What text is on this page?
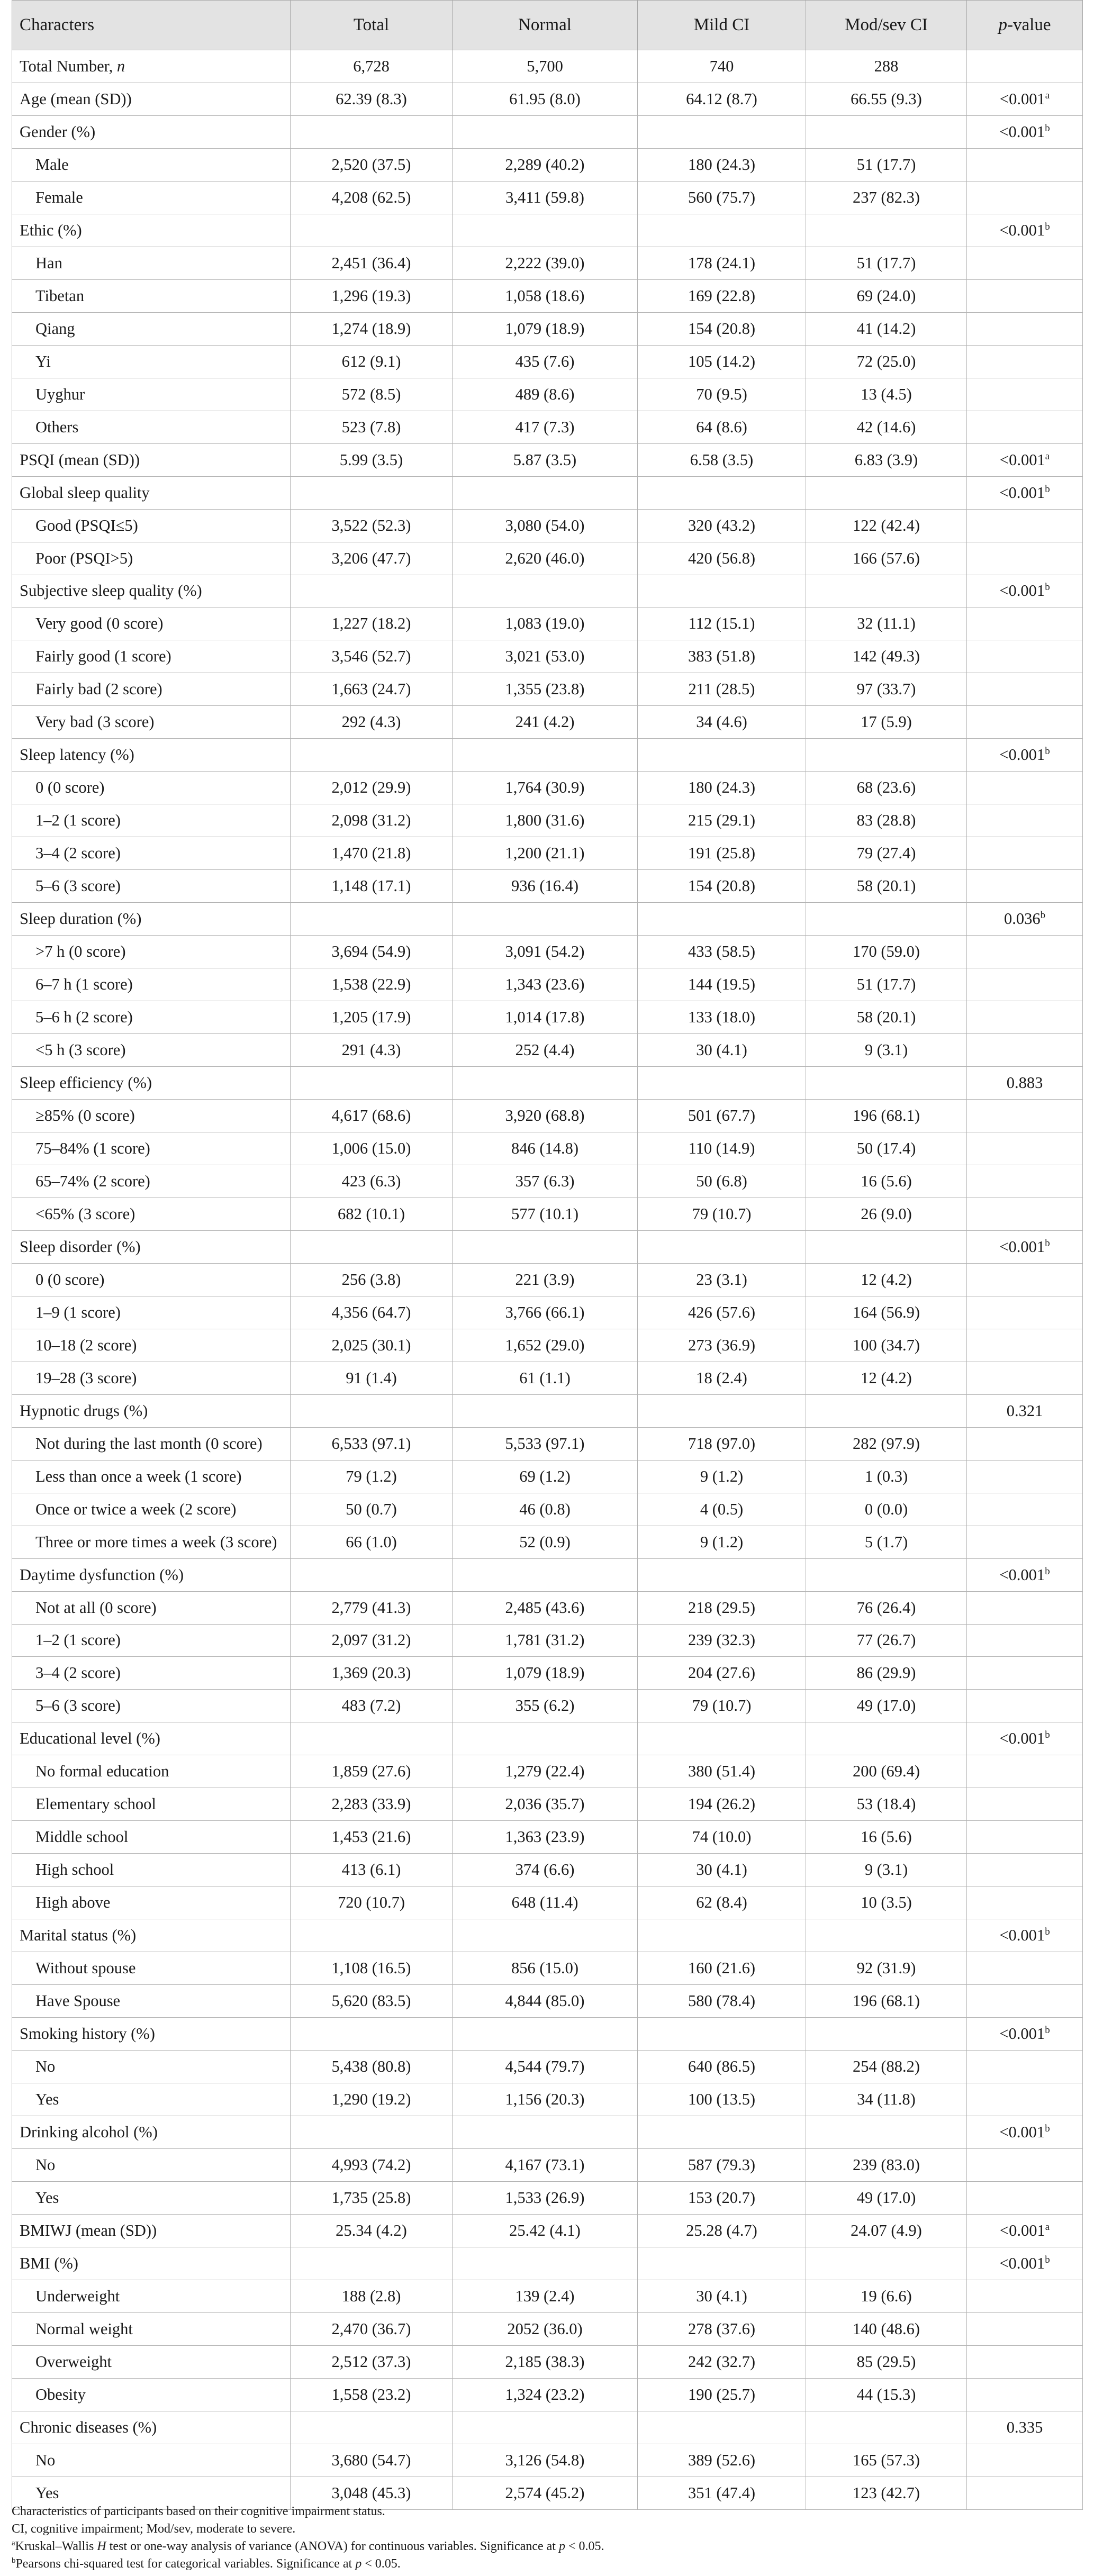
Characters	Total	Normal	Mild CI	Mod/sev CI	p-value
Total Number, n	6,728	5,700	740	288	
Age (mean (SD))	62.39 (8.3)	61.95 (8.0)	64.12 (8.7)	66.55 (9.3)	<0.001$^a$
Gender (%)					<0.001$^b$
Male	2,520 (37.5)	2,289 (40.2)	180 (24.3)	51 (17.7)	
Female	4,208 (62.5)	3,411 (59.8)	560 (75.7)	237 (82.3)	
Ethic (%)					<0.001$^b$
Han	2,451 (36.4)	2,222 (39.0)	178 (24.1)	51 (17.7)	
Tibetan	1,296 (19.3)	1,058 (18.6)	169 (22.8)	69 (24.0)	
Qiang	1,274 (18.9)	1,079 (18.9)	154 (20.8)	41 (14.2)	
Yi	612 (9.1)	435 (7.6)	105 (14.2)	72 (25.0)	
Uyghur	572 (8.5)	489 (8.6)	70 (9.5)	13 (4.5)	
Others	523 (7.8)	417 (7.3)	64 (8.6)	42 (14.6)	
PSQI (mean (SD))	5.99 (3.5)	5.87 (3.5)	6.58 (3.5)	6.83 (3.9)	<0.001$^a$
Global sleep quality					<0.001$^b$
Good (PSQI≤5)	3,522 (52.3)	3,080 (54.0)	320 (43.2)	122 (42.4)	
Poor (PSQI>5)	3,206 (47.7)	2,620 (46.0)	420 (56.8)	166 (57.6)	
Subjective sleep quality (%)					<0.001$^b$
Very good (0 score)	1,227 (18.2)	1,083 (19.0)	112 (15.1)	32 (11.1)	
Fairly good (1 score)	3,546 (52.7)	3,021 (53.0)	383 (51.8)	142 (49.3)	
Fairly bad (2 score)	1,663 (24.7)	1,355 (23.8)	211 (28.5)	97 (33.7)	
Very bad (3 score)	292 (4.3)	241 (4.2)	34 (4.6)	17 (5.9)	
Sleep latency (%)					<0.001$^b$
0 (0 score)	2,012 (29.9)	1,764 (30.9)	180 (24.3)	68 (23.6)	
1–2 (1 score)	2,098 (31.2)	1,800 (31.6)	215 (29.1)	83 (28.8)	
3–4 (2 score)	1,470 (21.8)	1,200 (21.1)	191 (25.8)	79 (27.4)	
5–6 (3 score)	1,148 (17.1)	936 (16.4)	154 (20.8)	58 (20.1)	
Sleep duration (%)					0.036$^b$
>7 h (0 score)	3,694 (54.9)	3,091 (54.2)	433 (58.5)	170 (59.0)	
6–7 h (1 score)	1,538 (22.9)	1,343 (23.6)	144 (19.5)	51 (17.7)	
5–6 h (2 score)	1,205 (17.9)	1,014 (17.8)	133 (18.0)	58 (20.1)	
<5 h (3 score)	291 (4.3)	252 (4.4)	30 (4.1)	9 (3.1)	
Sleep efficiency (%)					0.883
≥85% (0 score)	4,617 (68.6)	3,920 (68.8)	501 (67.7)	196 (68.1)	
75–84% (1 score)	1,006 (15.0)	846 (14.8)	110 (14.9)	50 (17.4)	
65–74% (2 score)	423 (6.3)	357 (6.3)	50 (6.8)	16 (5.6)	
<65% (3 score)	682 (10.1)	577 (10.1)	79 (10.7)	26 (9.0)	
Sleep disorder (%)					<0.001$^b$
0 (0 score)	256 (3.8)	221 (3.9)	23 (3.1)	12 (4.2)	
1–9 (1 score)	4,356 (64.7)	3,766 (66.1)	426 (57.6)	164 (56.9)	
10–18 (2 score)	2,025 (30.1)	1,652 (29.0)	273 (36.9)	100 (34.7)	
19–28 (3 score)	91 (1.4)	61 (1.1)	18 (2.4)	12 (4.2)	
Hypnotic drugs (%)					0.321
Not during the last month (0 score)	6,533 (97.1)	5,533 (97.1)	718 (97.0)	282 (97.9)	
Less than once a week (1 score)	79 (1.2)	69 (1.2)	9 (1.2)	1 (0.3)	
Once or twice a week (2 score)	50 (0.7)	46 (0.8)	4 (0.5)	0 (0.0)	
Three or more times a week (3 score)	66 (1.0)	52 (0.9)	9 (1.2)	5 (1.7)	
Daytime dysfunction (%)					<0.001$^b$
Not at all (0 score)	2,779 (41.3)	2,485 (43.6)	218 (29.5)	76 (26.4)	
1–2 (1 score)	2,097 (31.2)	1,781 (31.2)	239 (32.3)	77 (26.7)	
3–4 (2 score)	1,369 (20.3)	1,079 (18.9)	204 (27.6)	86 (29.9)	
5–6 (3 score)	483 (7.2)	355 (6.2)	79 (10.7)	49 (17.0)	
Educational level (%)					<0.001$^b$
No formal education	1,859 (27.6)	1,279 (22.4)	380 (51.4)	200 (69.4)	
Elementary school	2,283 (33.9)	2,036 (35.7)	194 (26.2)	53 (18.4)	
Middle school	1,453 (21.6)	1,363 (23.9)	74 (10.0)	16 (5.6)	
High school	413 (6.1)	374 (6.6)	30 (4.1)	9 (3.1)	
High above	720 (10.7)	648 (11.4)	62 (8.4)	10 (3.5)	
Marital status (%)					<0.001$^b$
Without spouse	1,108 (16.5)	856 (15.0)	160 (21.6)	92 (31.9)	
Have Spouse	5,620 (83.5)	4,844 (85.0)	580 (78.4)	196 (68.1)	
Smoking history (%)					<0.001$^b$
No	5,438 (80.8)	4,544 (79.7)	640 (86.5)	254 (88.2)	
Yes	1,290 (19.2)	1,156 (20.3)	100 (13.5)	34 (11.8)	
Drinking alcohol (%)					<0.001$^b$
No	4,993 (74.2)	4,167 (73.1)	587 (79.3)	239 (83.0)	
Yes	1,735 (25.8)	1,533 (26.9)	153 (20.7)	49 (17.0)	
BMIWJ (mean (SD))	25.34 (4.2)	25.42 (4.1)	25.28 (4.7)	24.07 (4.9)	<0.001$^a$
BMI (%)					<0.001$^b$
Underweight	188 (2.8)	139 (2.4)	30 (4.1)	19 (6.6)	
Normal weight	2,470 (36.7)	2052 (36.0)	278 (37.6)	140 (48.6)	
Overweight	2,512 (37.3)	2,185 (38.3)	242 (32.7)	85 (29.5)	
Obesity	1,558 (23.2)	1,324 (23.2)	190 (25.7)	44 (15.3)	
Chronic diseases (%)					0.335
No	3,680 (54.7)	3,126 (54.8)	389 (52.6)	165 (57.3)	
Yes	3,048 (45.3)	2,574 (45.2)	351 (47.4)	123 (42.7)	
Characteristics of participants based on their cognitive impairment status.
CI, cognitive impairment; Mod/sev, moderate to severe.
$^a$Kruskal–Wallis H test or one-way analysis of variance (ANOVA) for continuous variables. Significance at p < 0.05.
$^b$Pearsons chi-squared test for categorical variables. Significance at p < 0.05.
